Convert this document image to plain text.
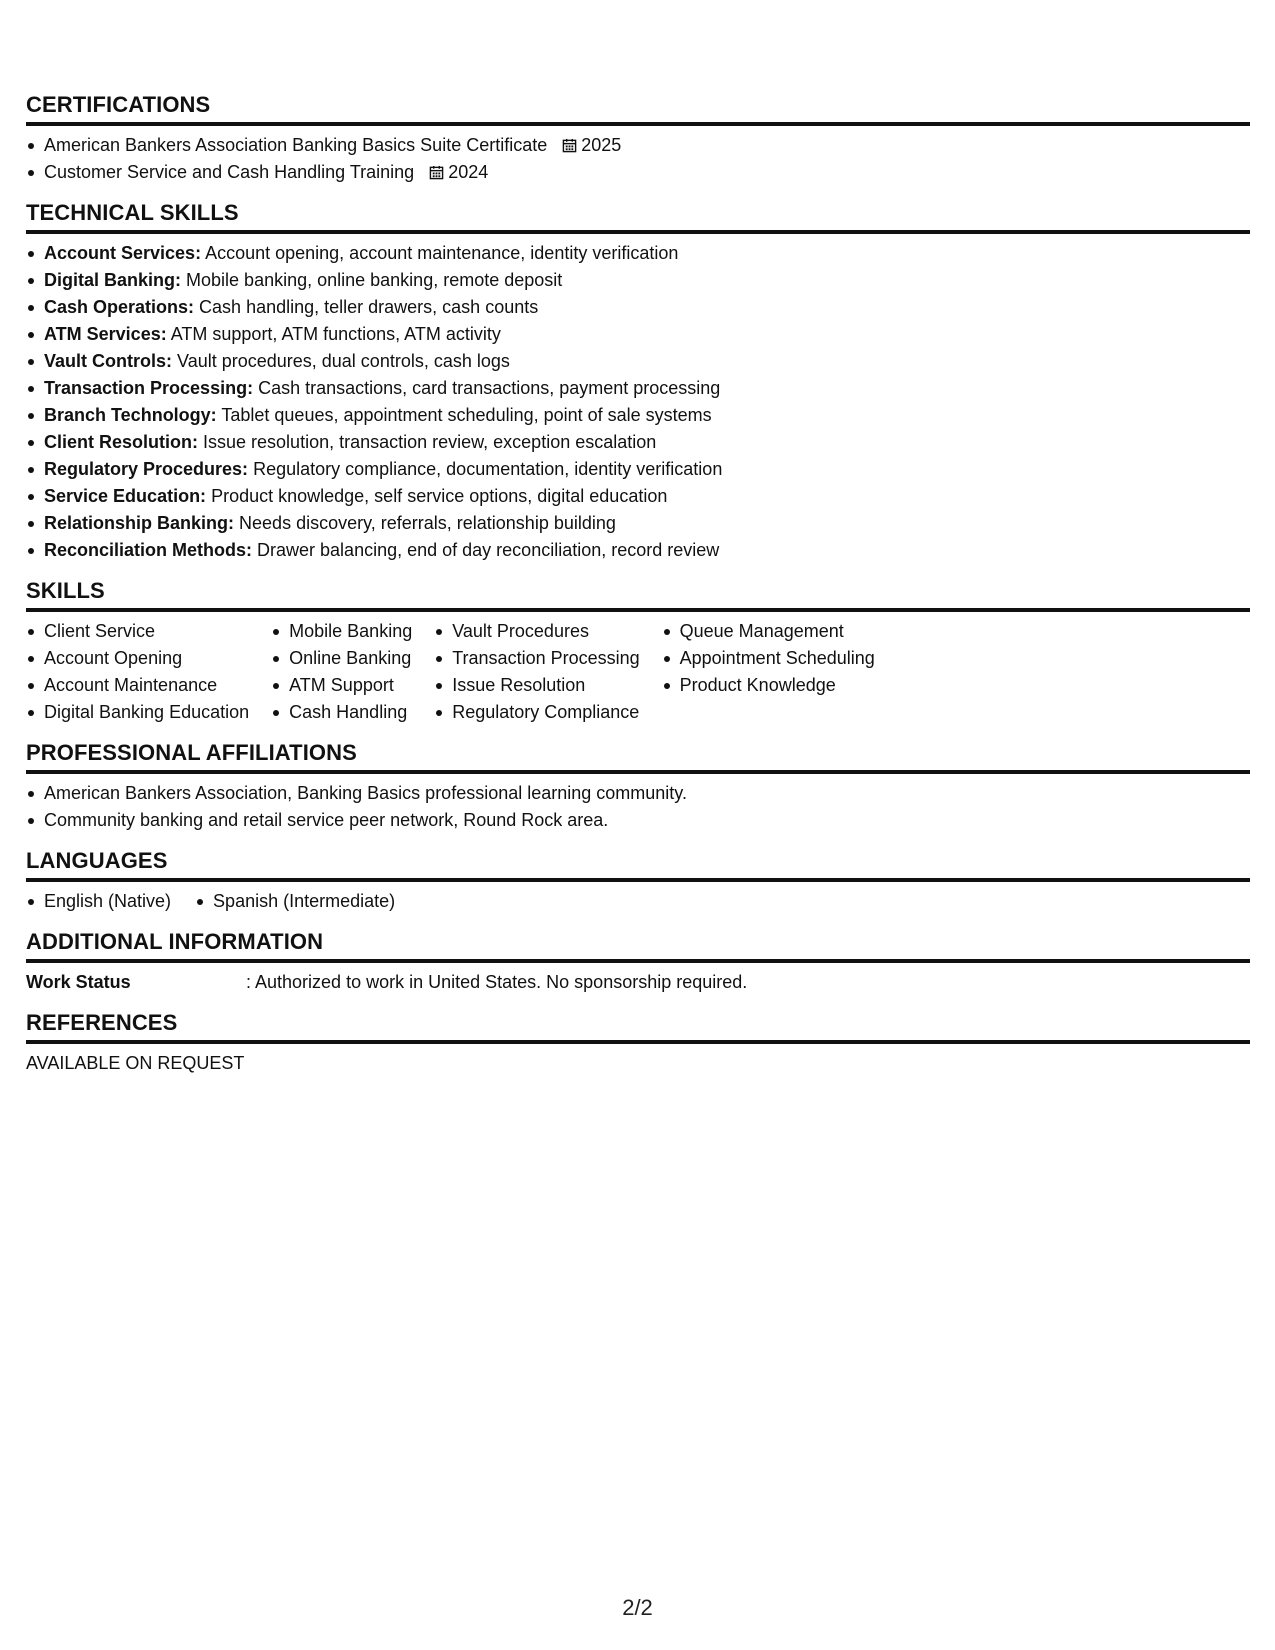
CERTIFICATIONS
American Bankers Association Banking Basics Suite Certificate 2025
Customer Service and Cash Handling Training 2024
TECHNICAL SKILLS
Account Services: Account opening, account maintenance, identity verification
Digital Banking: Mobile banking, online banking, remote deposit
Cash Operations: Cash handling, teller drawers, cash counts
ATM Services: ATM support, ATM functions, ATM activity
Vault Controls: Vault procedures, dual controls, cash logs
Transaction Processing: Cash transactions, card transactions, payment processing
Branch Technology: Tablet queues, appointment scheduling, point of sale systems
Client Resolution: Issue resolution, transaction review, exception escalation
Regulatory Procedures: Regulatory compliance, documentation, identity verification
Service Education: Product knowledge, self service options, digital education
Relationship Banking: Needs discovery, referrals, relationship building
Reconciliation Methods: Drawer balancing, end of day reconciliation, record review
SKILLS
Client Service
Account Opening
Account Maintenance
Digital Banking Education
Mobile Banking
Online Banking
ATM Support
Cash Handling
Vault Procedures
Transaction Processing
Issue Resolution
Regulatory Compliance
Queue Management
Appointment Scheduling
Product Knowledge
PROFESSIONAL AFFILIATIONS
American Bankers Association, Banking Basics professional learning community.
Community banking and retail service peer network, Round Rock area.
LANGUAGES
English (Native)	Spanish (Intermediate)
ADDITIONAL INFORMATION
Work Status	: Authorized to work in United States. No sponsorship required.
REFERENCES
AVAILABLE ON REQUEST
2/2
